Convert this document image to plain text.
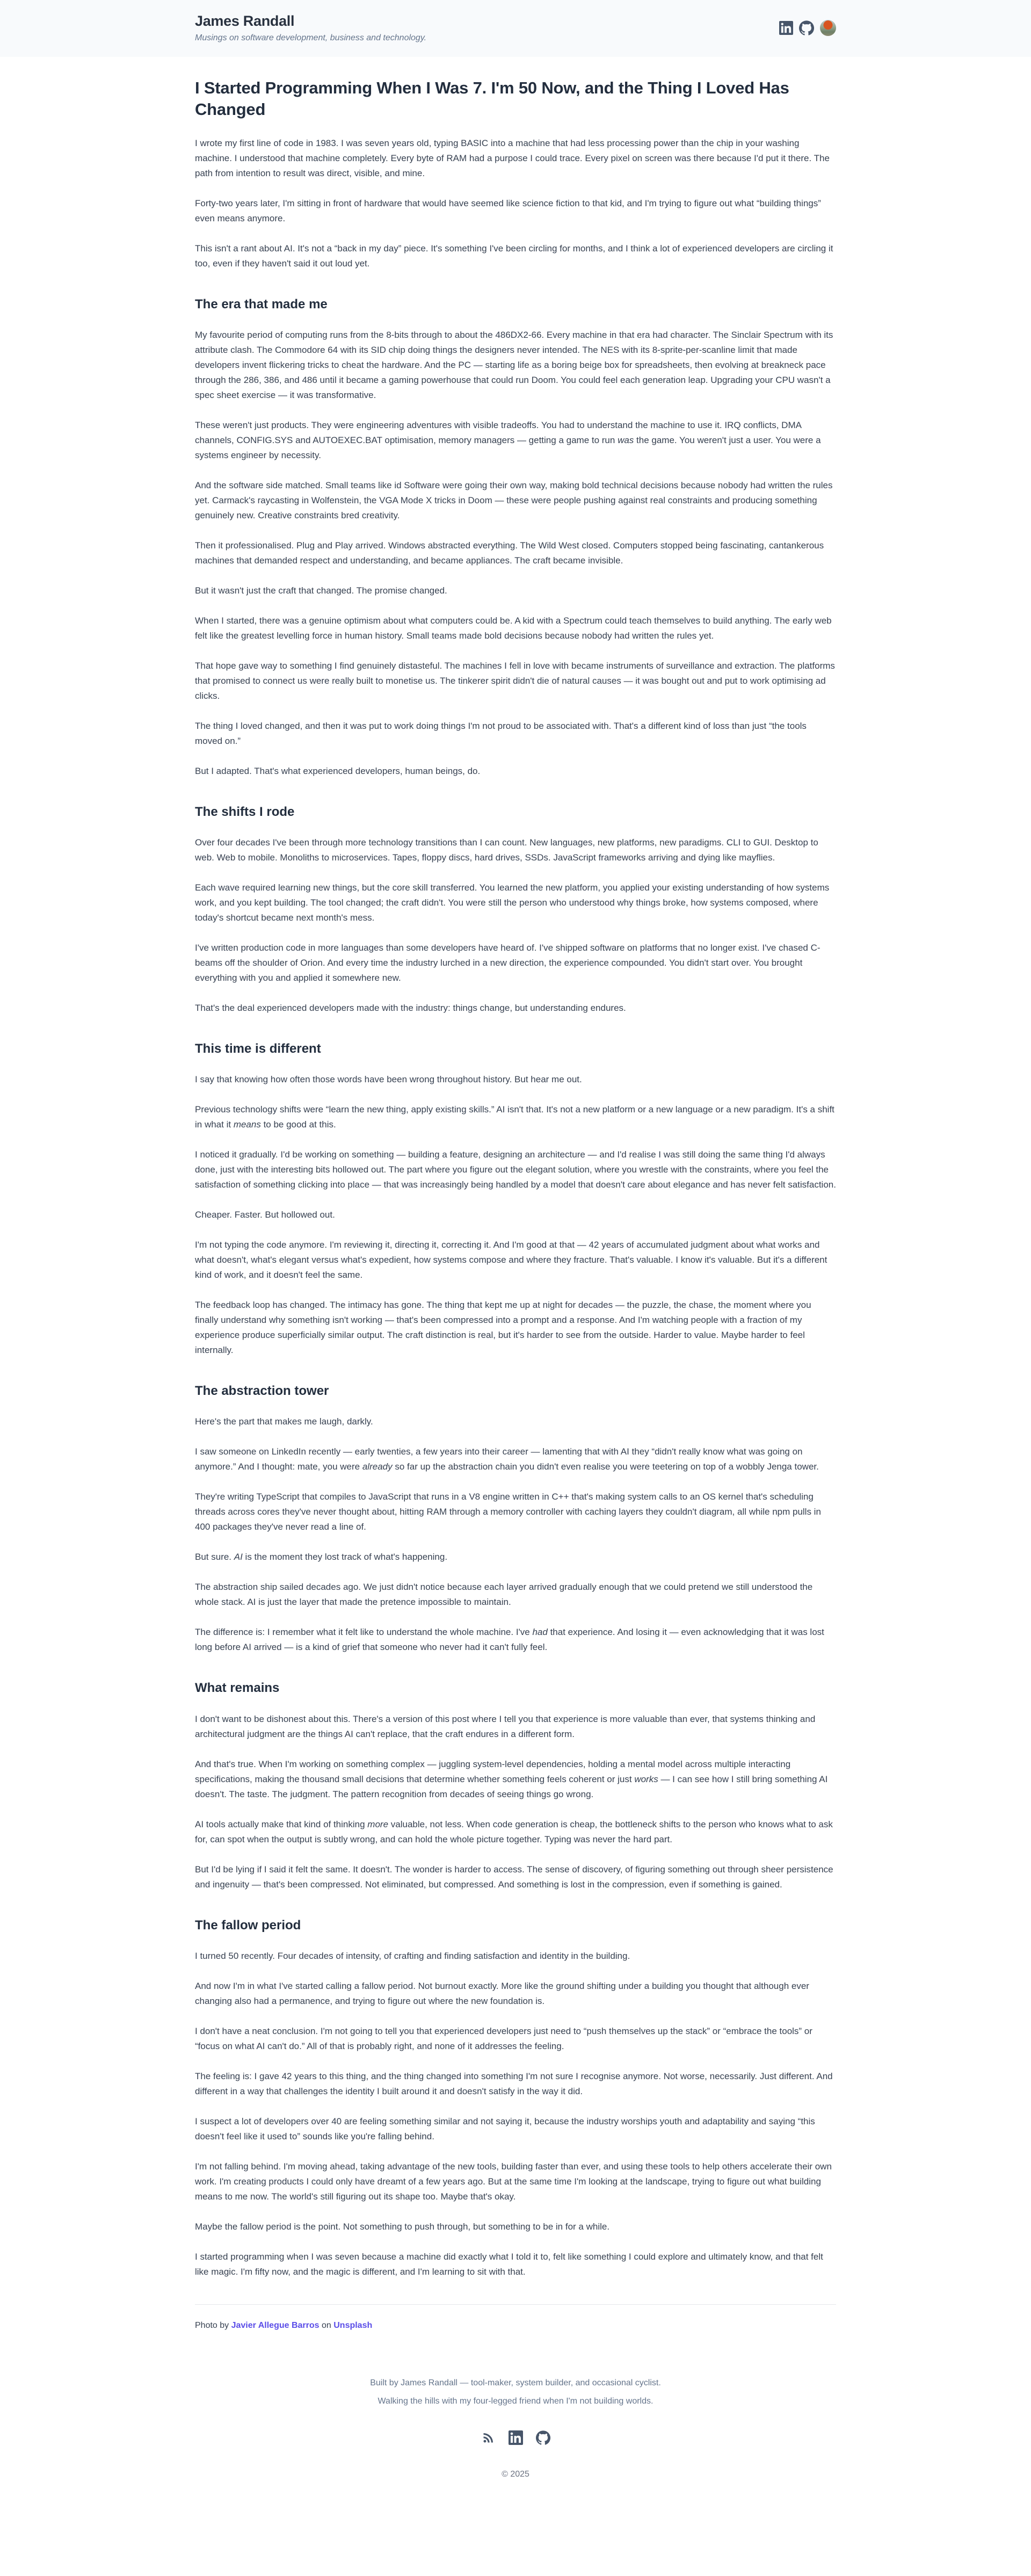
James Randall
Musings on software development, business and technology.
I Started Programming When I Was 7. I'm 50 Now, and the Thing I Loved Has Changed

I wrote my first line of code in 1983. I was seven years old, typing BASIC into a machine that had less processing power than the chip in your washing machine. I understood that machine completely. Every byte of RAM had a purpose I could trace. Every pixel on screen was there because I'd put it there. The path from intention to result was direct, visible, and mine.

Forty-two years later, I'm sitting in front of hardware that would have seemed like science fiction to that kid, and I'm trying to figure out what “building things” even means anymore.

This isn't a rant about AI. It's not a “back in my day” piece. It's something I've been circling for months, and I think a lot of experienced developers are circling it too, even if they haven't said it out loud yet.

The era that made me

My favourite period of computing runs from the 8-bits through to about the 486DX2-66. Every machine in that era had character. The Sinclair Spectrum with its attribute clash. The Commodore 64 with its SID chip doing things the designers never intended. The NES with its 8-sprite-per-scanline limit that made developers invent flickering tricks to cheat the hardware. And the PC — starting life as a boring beige box for spreadsheets, then evolving at breakneck pace through the 286, 386, and 486 until it became a gaming powerhouse that could run Doom. You could feel each generation leap. Upgrading your CPU wasn't a spec sheet exercise — it was transformative.

These weren't just products. They were engineering adventures with visible tradeoffs. You had to understand the machine to use it. IRQ conflicts, DMA channels, CONFIG.SYS and AUTOEXEC.BAT optimisation, memory managers — getting a game to run was the game. You weren't just a user. You were a systems engineer by necessity.

And the software side matched. Small teams like id Software were going their own way, making bold technical decisions because nobody had written the rules yet. Carmack's raycasting in Wolfenstein, the VGA Mode X tricks in Doom — these were people pushing against real constraints and producing something genuinely new. Creative constraints bred creativity.

Then it professionalised. Plug and Play arrived. Windows abstracted everything. The Wild West closed. Computers stopped being fascinating, cantankerous machines that demanded respect and understanding, and became appliances. The craft became invisible.

But it wasn't just the craft that changed. The promise changed.

When I started, there was a genuine optimism about what computers could be. A kid with a Spectrum could teach themselves to build anything. The early web felt like the greatest levelling force in human history. Small teams made bold decisions because nobody had written the rules yet.

That hope gave way to something I find genuinely distasteful. The machines I fell in love with became instruments of surveillance and extraction. The platforms that promised to connect us were really built to monetise us. The tinkerer spirit didn't die of natural causes — it was bought out and put to work optimising ad clicks.

The thing I loved changed, and then it was put to work doing things I'm not proud to be associated with. That's a different kind of loss than just “the tools moved on.”

But I adapted. That's what experienced developers, human beings, do.

The shifts I rode

Over four decades I've been through more technology transitions than I can count. New languages, new platforms, new paradigms. CLI to GUI. Desktop to web. Web to mobile. Monoliths to microservices. Tapes, floppy discs, hard drives, SSDs. JavaScript frameworks arriving and dying like mayflies.

Each wave required learning new things, but the core skill transferred. You learned the new platform, you applied your existing understanding of how systems work, and you kept building. The tool changed; the craft didn't. You were still the person who understood why things broke, how systems composed, where today's shortcut became next month's mess.

I've written production code in more languages than some developers have heard of. I've shipped software on platforms that no longer exist. I've chased C-beams off the shoulder of Orion. And every time the industry lurched in a new direction, the experience compounded. You didn't start over. You brought everything with you and applied it somewhere new.

That's the deal experienced developers made with the industry: things change, but understanding endures.

This time is different

I say that knowing how often those words have been wrong throughout history. But hear me out.

Previous technology shifts were “learn the new thing, apply existing skills.” AI isn't that. It's not a new platform or a new language or a new paradigm. It's a shift in what it means to be good at this.

I noticed it gradually. I'd be working on something — building a feature, designing an architecture — and I'd realise I was still doing the same thing I'd always done, just with the interesting bits hollowed out. The part where you figure out the elegant solution, where you wrestle with the constraints, where you feel the satisfaction of something clicking into place — that was increasingly being handled by a model that doesn't care about elegance and has never felt satisfaction.

Cheaper. Faster. But hollowed out.

I'm not typing the code anymore. I'm reviewing it, directing it, correcting it. And I'm good at that — 42 years of accumulated judgment about what works and what doesn't, what's elegant versus what's expedient, how systems compose and where they fracture. That's valuable. I know it's valuable. But it's a different kind of work, and it doesn't feel the same.

The feedback loop has changed. The intimacy has gone. The thing that kept me up at night for decades — the puzzle, the chase, the moment where you finally understand why something isn't working — that's been compressed into a prompt and a response. And I'm watching people with a fraction of my experience produce superficially similar output. The craft distinction is real, but it's harder to see from the outside. Harder to value. Maybe harder to feel internally.

The abstraction tower

Here's the part that makes me laugh, darkly.

I saw someone on LinkedIn recently — early twenties, a few years into their career — lamenting that with AI they “didn't really know what was going on anymore.” And I thought: mate, you were already so far up the abstraction chain you didn't even realise you were teetering on top of a wobbly Jenga tower.

They're writing TypeScript that compiles to JavaScript that runs in a V8 engine written in C++ that's making system calls to an OS kernel that's scheduling threads across cores they've never thought about, hitting RAM through a memory controller with caching layers they couldn't diagram, all while npm pulls in 400 packages they've never read a line of.

But sure. AI is the moment they lost track of what's happening.

The abstraction ship sailed decades ago. We just didn't notice because each layer arrived gradually enough that we could pretend we still understood the whole stack. AI is just the layer that made the pretence impossible to maintain.

The difference is: I remember what it felt like to understand the whole machine. I've had that experience. And losing it — even acknowledging that it was lost long before AI arrived — is a kind of grief that someone who never had it can't fully feel.

What remains

I don't want to be dishonest about this. There's a version of this post where I tell you that experience is more valuable than ever, that systems thinking and architectural judgment are the things AI can't replace, that the craft endures in a different form.

And that's true. When I'm working on something complex — juggling system-level dependencies, holding a mental model across multiple interacting specifications, making the thousand small decisions that determine whether something feels coherent or just works — I can see how I still bring something AI doesn't. The taste. The judgment. The pattern recognition from decades of seeing things go wrong.

AI tools actually make that kind of thinking more valuable, not less. When code generation is cheap, the bottleneck shifts to the person who knows what to ask for, can spot when the output is subtly wrong, and can hold the whole picture together. Typing was never the hard part.

But I'd be lying if I said it felt the same. It doesn't. The wonder is harder to access. The sense of discovery, of figuring something out through sheer persistence and ingenuity — that's been compressed. Not eliminated, but compressed. And something is lost in the compression, even if something is gained.

The fallow period

I turned 50 recently. Four decades of intensity, of crafting and finding satisfaction and identity in the building.

And now I'm in what I've started calling a fallow period. Not burnout exactly. More like the ground shifting under a building you thought that although ever changing also had a permanence, and trying to figure out where the new foundation is.

I don't have a neat conclusion. I'm not going to tell you that experienced developers just need to “push themselves up the stack” or “embrace the tools” or “focus on what AI can't do.” All of that is probably right, and none of it addresses the feeling.

The feeling is: I gave 42 years to this thing, and the thing changed into something I'm not sure I recognise anymore. Not worse, necessarily. Just different. And different in a way that challenges the identity I built around it and doesn't satisfy in the way it did.

I suspect a lot of developers over 40 are feeling something similar and not saying it, because the industry worships youth and adaptability and saying “this doesn't feel like it used to” sounds like you're falling behind.

I'm not falling behind. I'm moving ahead, taking advantage of the new tools, building faster than ever, and using these tools to help others accelerate their own work. I'm creating products I could only have dreamt of a few years ago. But at the same time I'm looking at the landscape, trying to figure out what building means to me now. The world's still figuring out its shape too. Maybe that's okay.

Maybe the fallow period is the point. Not something to push through, but something to be in for a while.

I started programming when I was seven because a machine did exactly what I told it to, felt like something I could explore and ultimately know, and that felt like magic. I'm fifty now, and the magic is different, and I'm learning to sit with that.

Photo by Javier Allegue Barros on Unsplash

Built by James Randall — tool-maker, system builder, and occasional cyclist.

Walking the hills with my four-legged friend when I'm not building worlds.

© 2025
